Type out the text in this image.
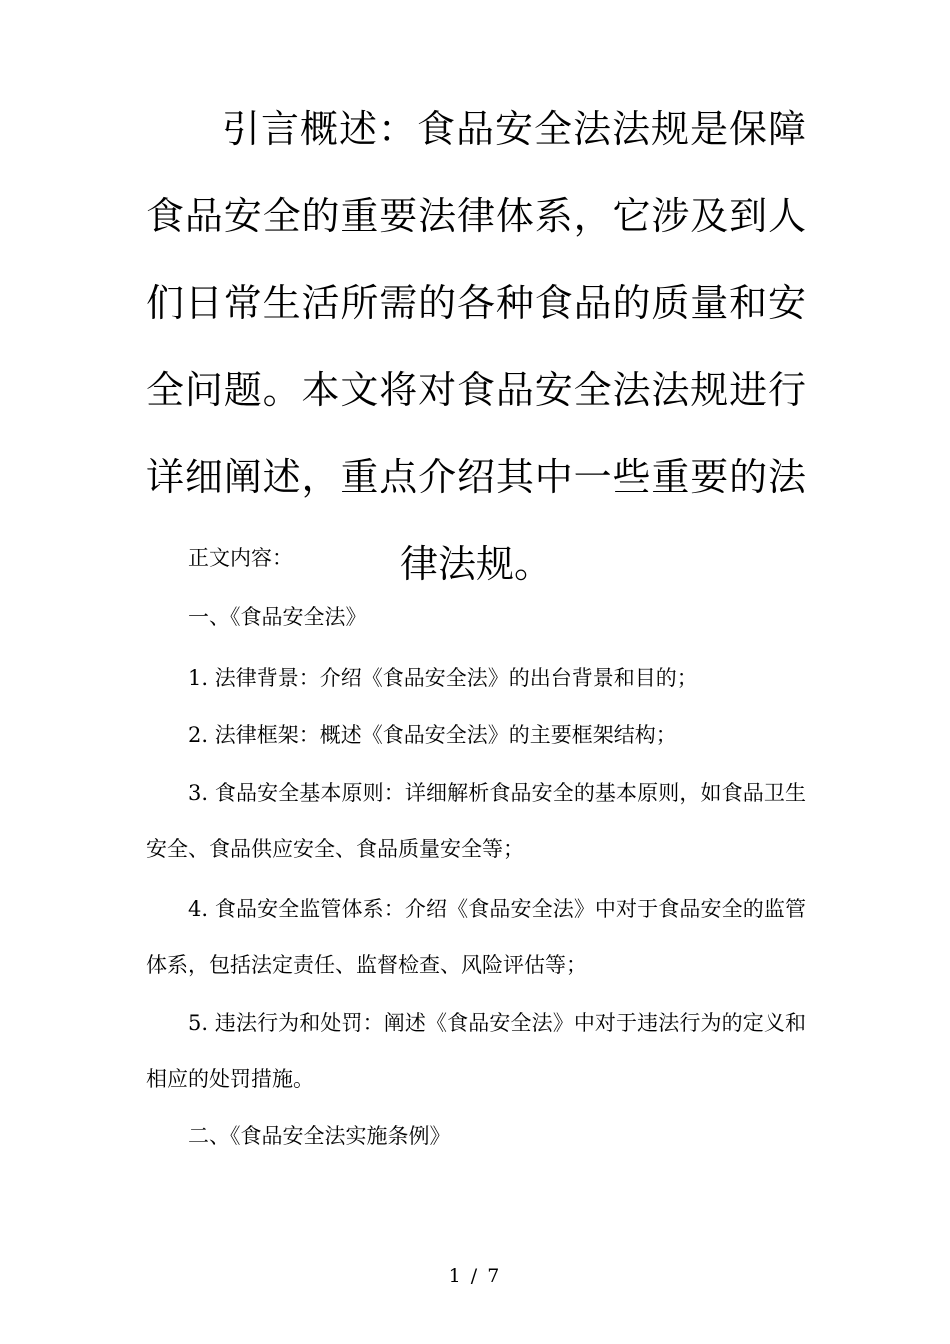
引言概述：食品安全法法规是保障食品安全的重要法律体系，它涉及到人们日常生活所需的各种食品的质量和安全问题。本文将对食品安全法法规进行详细阐述，重点介绍其中一些重要的法律法规。

正文内容：

一、《食品安全法》

1. 法律背景：介绍《食品安全法》的出台背景和目的；

2. 法律框架：概述《食品安全法》的主要框架结构；

3. 食品安全基本原则：详细解析食品安全的基本原则，如食品卫生安全、食品供应安全、食品质量安全等；

4. 食品安全监管体系：介绍《食品安全法》中对于食品安全的监管体系，包括法定责任、监督检查、风险评估等；

5. 违法行为和处罚：阐述《食品安全法》中对于违法行为的定义和相应的处罚措施。

二、《食品安全法实施条例》

1 / 7
